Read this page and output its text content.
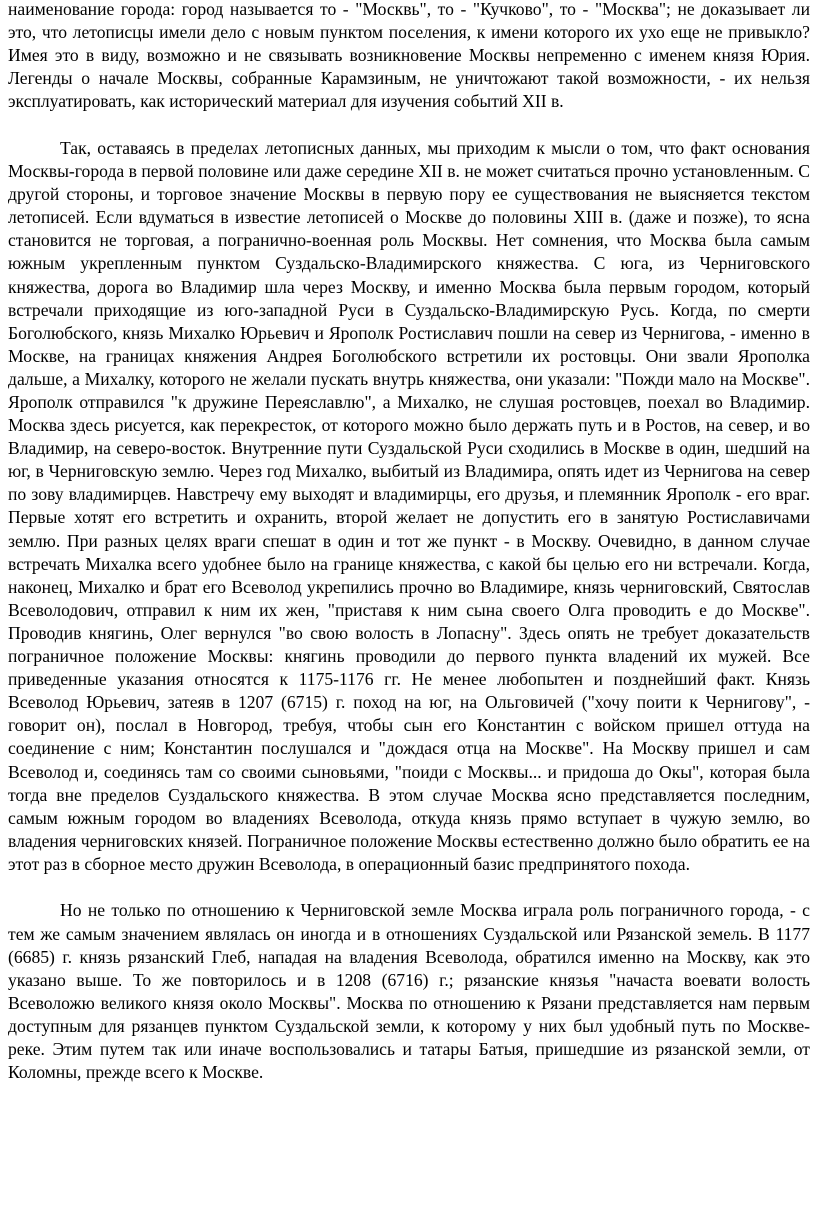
наименование города: город называется то - "Москвь", то - "Кучково", то - "Москва"; не доказывает ли это, что летописцы имели дело с новым пунктом поселения, к имени которого их ухо еще не привыкло? Имея это в виду, возможно и не связывать возникновение Москвы непременно с именем князя Юрия. Легенды о начале Москвы, собранные Карамзиным, не уничтожают такой возможности, - их нельзя эксплуатировать, как исторический материал для изучения событий XII в.

Так, оставаясь в пределах летописных данных, мы приходим к мысли о том, что факт основания Москвы-города в первой половине или даже середине XII в. не может считаться прочно установленным. С другой стороны, и торговое значение Москвы в первую пору ее существования не выясняется текстом летописей. Если вдуматься в известие летописей о Москве до половины XIII в. (даже и позже), то ясна становится не торговая, а погранично-военная роль Москвы. Нет сомнения, что Москва была самым южным укрепленным пунктом Суздальско-Владимирского княжества. С юга, из Черниговского княжества, дорога во Владимир шла через Москву, и именно Москва была первым городом, который встречали приходящие из юго-западной Руси в Суздальско-Владимирскую Русь. Когда, по смерти Боголюбского, князь Михалко Юрьевич и Ярополк Ростиславич пошли на север из Чернигова, - именно в Москве, на границах княжения Андрея Боголюбского встретили их ростовцы. Они звали Ярополка дальше, а Михалку, которого не желали пускать внутрь княжества, они указали: "Пожди мало на Москве". Ярополк отправился "к дружине Переяславлю", а Михалко, не слушая ростовцев, поехал во Владимир. Москва здесь рисуется, как перекресток, от которого можно было держать путь и в Ростов, на север, и во Владимир, на северо-восток. Внутренние пути Суздальской Руси сходились в Москве в один, шедший на юг, в Черниговскую землю. Через год Михалко, выбитый из Владимира, опять идет из Чернигова на север по зову владимирцев. Навстречу ему выходят и владимирцы, его друзья, и племянник Ярополк - его враг. Первые хотят его встретить и охранить, второй желает не допустить его в занятую Ростиславичами землю. При разных целях враги спешат в один и тот же пункт - в Москву. Очевидно, в данном случае встречать Михалка всего удобнее было на границе княжества, с какой бы целью его ни встречали. Когда, наконец, Михалко и брат его Всеволод укрепились прочно во Владимире, князь черниговский, Святослав Всеволодович, отправил к ним их жен, "приставя к ним сына своего Олга проводить е до Москве". Проводив княгинь, Олег вернулся "во свою волость в Лопасну". Здесь опять не требует доказательств пограничное положение Москвы: княгинь проводили до первого пункта владений их мужей. Все приведенные указания относятся к 1175-1176 гг. Не менее любопытен и позднейший факт. Князь Всеволод Юрьевич, затеяв в 1207 (6715) г. поход на юг, на Ольговичей ("хочу поити к Чернигову", - говорит он), послал в Новгород, требуя, чтобы сын его Константин с войском пришел оттуда на соединение с ним; Константин послушался и "дождася отца на Москве". На Москву пришел и сам Всеволод и, соединясь там со своими сыновьями, "поиди с Москвы... и придоша до Окы", которая была тогда вне пределов Суздальского княжества. В этом случае Москва ясно представляется последним, самым южным городом во владениях Всеволода, откуда князь прямо вступает в чужую землю, во владения черниговских князей. Пограничное положение Москвы естественно должно было обратить ее на этот раз в сборное место дружин Всеволода, в операционный базис предпринятого похода.

Но не только по отношению к Черниговской земле Москва играла роль пограничного города, - с тем же самым значением являлась он иногда и в отношениях Суздальской или Рязанской земель. В 1177 (6685) г. князь рязанский Глеб, нападая на владения Всеволода, обратился именно на Москву, как это указано выше. То же повторилось и в 1208 (6716) г.; рязанские князья "начаста воевати волость Всеволожю великого князя около Москвы". Москва по отношению к Рязани представляется нам первым доступным для рязанцев пунктом Суздальской земли, к которому у них был удобный путь по Москве-реке. Этим путем так или иначе воспользовались и татары Батыя, пришедшие из рязанской земли, от Коломны, прежде всего к Москве.
